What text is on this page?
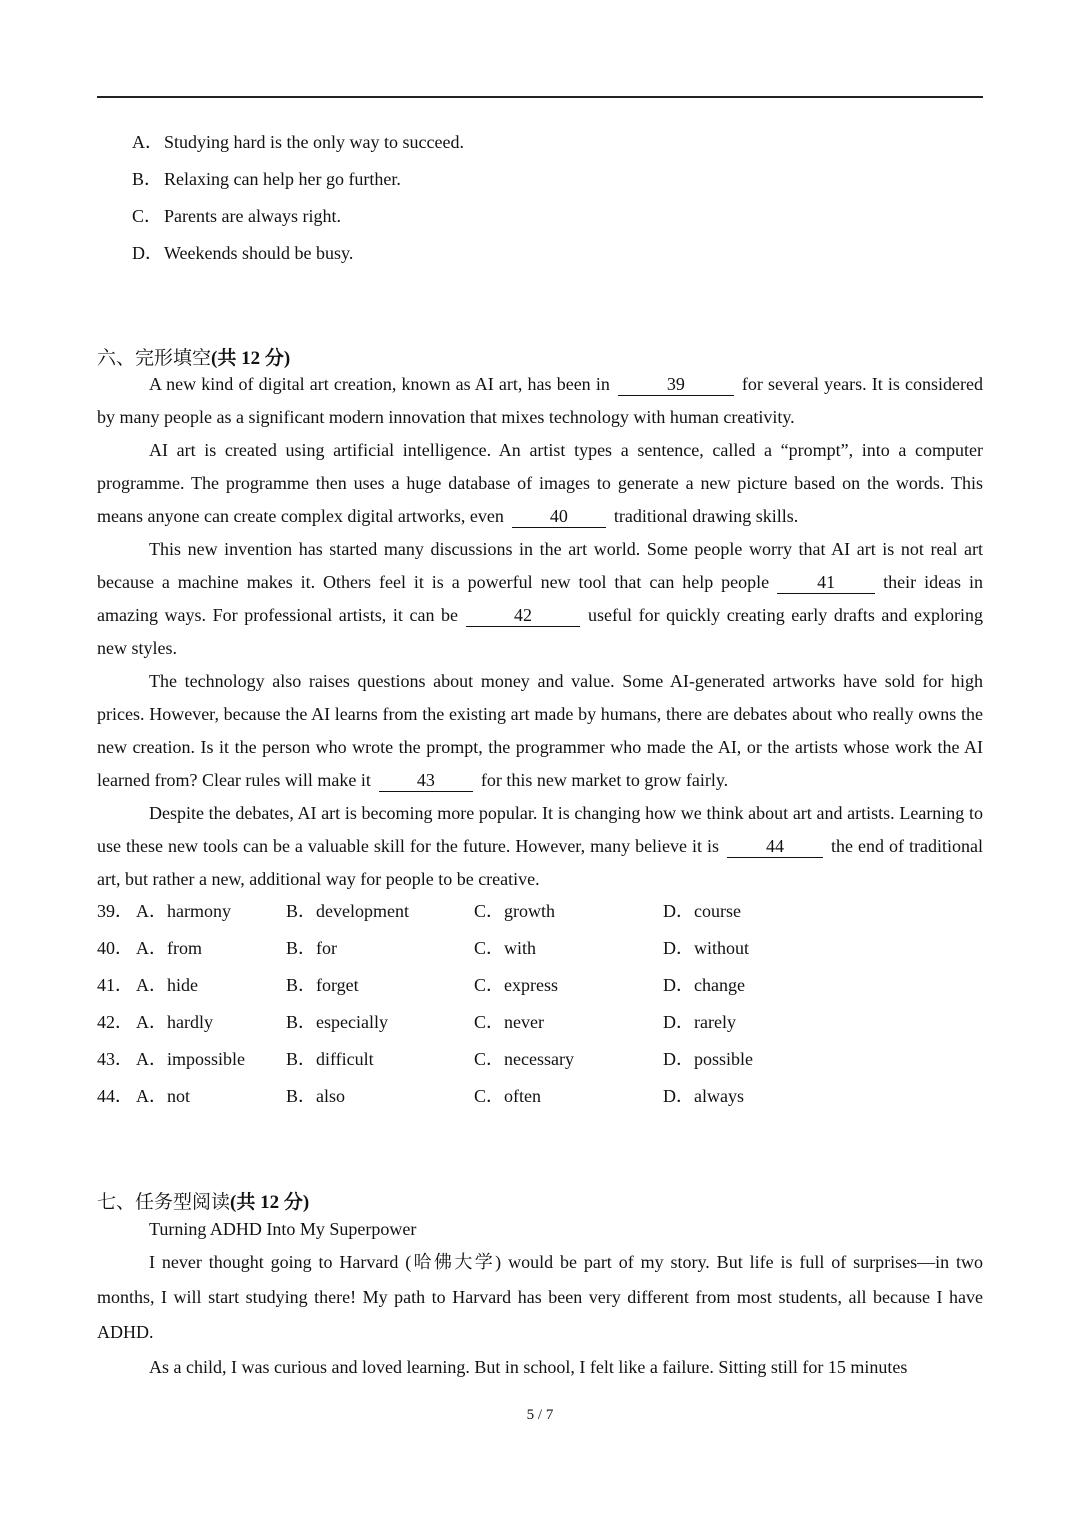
A．Studying hard is the only way to succeed.
B． Relaxing can help her go further.
C． Parents are always right.
D．Weekends should be busy.
六、完形填空(共 12 分)

A new kind of digital art creation, known as AI art, has been in	39	for several years. It is considered by many people as a significant modern innovation that mixes technology with human creativity.

AI art is created using artificial intelligence. An artist types a sentence, called a “prompt”, into a computer programme. The programme then uses a huge database of images to generate a new picture based on the words. This means anyone can create complex digital artworks, even	40	traditional drawing skills.

This new invention has started many discussions in the art world. Some people worry that AI art is not real art because a machine makes it. Others feel it is a powerful new tool that can help people	41	their ideas in amazing ways. For professional artists, it can be	42	useful for quickly creating early drafts and exploring new styles.

The technology also raises questions about money and value. Some AI-generated artworks have sold for high prices. However, because the AI learns from the existing art made by humans, there are debates about who really owns the new creation. Is it the person who wrote the prompt, the programmer who made the AI, or the artists whose work the AI learned from? Clear rules will make it	43	for this new market to grow fairly.

Despite the debates, AI art is becoming more popular. It is changing how we think about art and artists. Learning to use these new tools can be a valuable skill for the future. However, many believe it is	44	the end of traditional art, but rather a new, additional way for people to be creative.

39． A．harmony	B．development	C．growth	D．course
40． A．from	B．for	C．with	D．without
41． A．hide	B．forget	C．express	D．change
42． A．hardly	B．especially	C．never	D．rarely
43． A．impossible B．difficult	C．necessary	D．possible
44． A．not	B．also	C．often	D．always
七、任务型阅读(共 12 分)
Turning ADHD Into My Superpower

I never thought going to Harvard (哈佛大学) would be part of my story. But life is full of surprises—in two months, I will start studying there! My path to Harvard has been very different from most students, all because I have ADHD.

As a child, I was curious and loved learning. But in school, I felt like a failure. Sitting still for 15 minutes

5 / 7
